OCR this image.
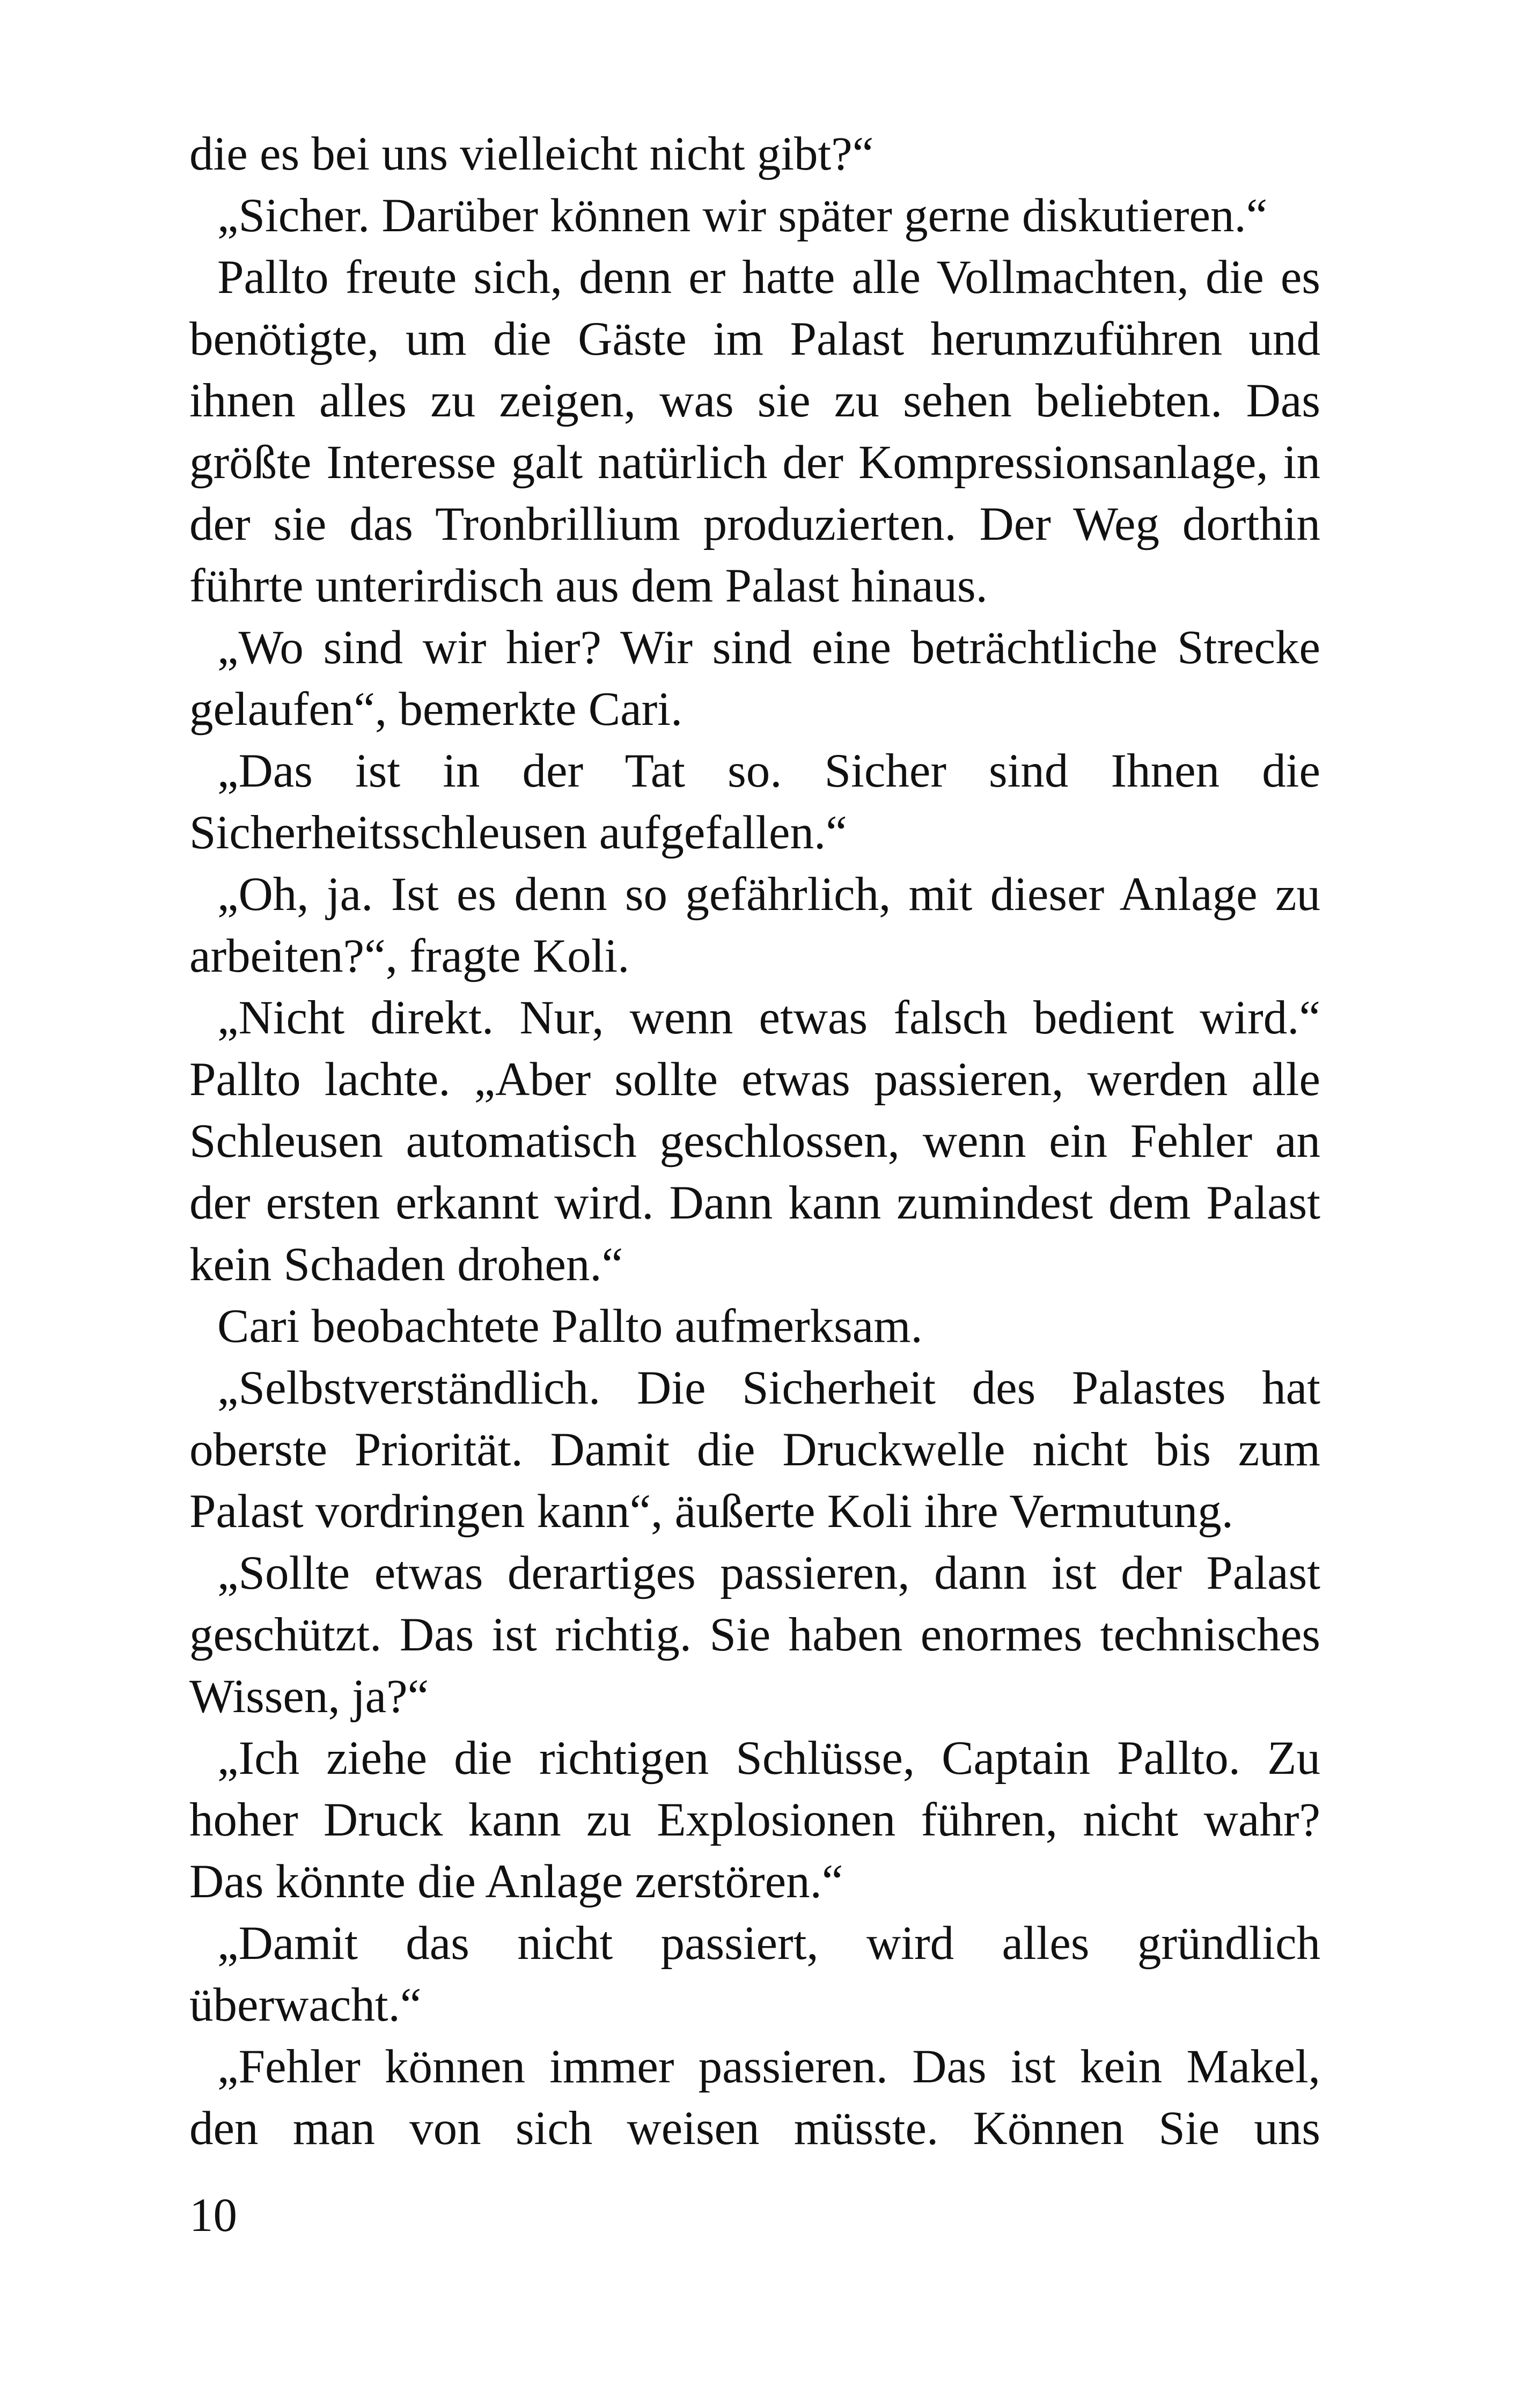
die es bei uns vielleicht nicht gibt?“
„Sicher. Darüber können wir später gerne diskutieren.“
Pallto freute sich, denn er hatte alle Vollmachten, die es
benötigte, um die Gäste im Palast herumzuführen und
ihnen alles zu zeigen, was sie zu sehen beliebten. Das
größte Interesse galt natürlich der Kompressionsanlage, in
der sie das Tronbrillium produzierten. Der Weg dorthin
führte unterirdisch aus dem Palast hinaus.
„Wo sind wir hier? Wir sind eine beträchtliche Strecke
gelaufen“, bemerkte Cari.
„Das ist in der Tat so. Sicher sind Ihnen die
Sicherheitsschleusen aufgefallen.“
„Oh, ja. Ist es denn so gefährlich, mit dieser Anlage zu
arbeiten?“, fragte Koli.
„Nicht direkt. Nur, wenn etwas falsch bedient wird.“
Pallto lachte. „Aber sollte etwas passieren, werden alle
Schleusen automatisch geschlossen, wenn ein Fehler an
der ersten erkannt wird. Dann kann zumindest dem Palast
kein Schaden drohen.“
Cari beobachtete Pallto aufmerksam.
„Selbstverständlich. Die Sicherheit des Palastes hat
oberste Priorität. Damit die Druckwelle nicht bis zum
Palast vordringen kann“, äußerte Koli ihre Vermutung.
„Sollte etwas derartiges passieren, dann ist der Palast
geschützt. Das ist richtig. Sie haben enormes technisches
Wissen, ja?“
„Ich ziehe die richtigen Schlüsse, Captain Pallto. Zu
hoher Druck kann zu Explosionen führen, nicht wahr?
Das könnte die Anlage zerstören.“
„Damit das nicht passiert, wird alles gründlich
überwacht.“
„Fehler können immer passieren. Das ist kein Makel,
den man von sich weisen müsste. Können Sie uns
10
